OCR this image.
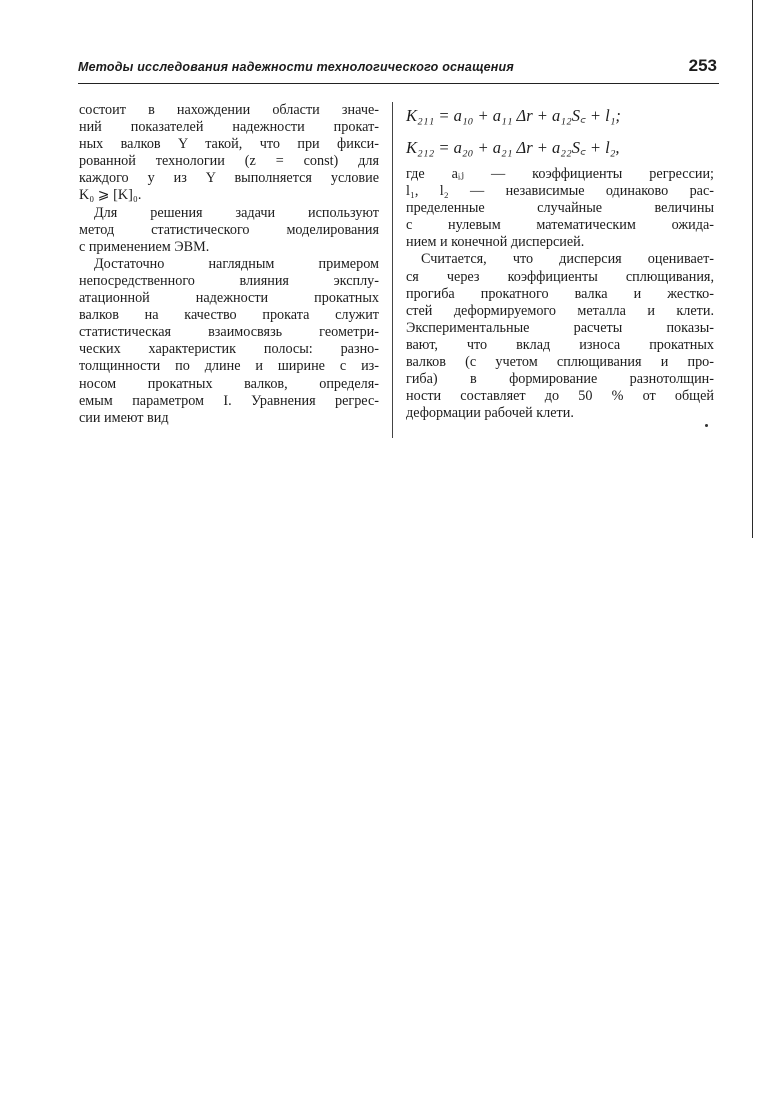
Методы исследования надежности технологического оснащения	253

состоит в нахождении области значе-

ний показателей надежности прокат-

ных валков Y такой, что при фикси-

рованной технологии (z = const) для

каждого y из Y выполняется условие

K₀ ⩾ [K]₀.

Для решения задачи используют

метод статистического моделирования

с применением ЭВМ.

Достаточно наглядным примером

непосредственного влияния эксплу-

атационной надежности прокатных

валков на качество проката служит

статистическая взаимосвязь геометри-

ческих характеристик полосы: разно-

толщинности по длине и ширине с из-

носом прокатных валков, определя-

емым параметром I. Уравнения регрес-

сии имеют вид

K₂₁₁ = a₁₀ + a₁₁ Δr + a₁₂S꜀ + l₁;
K₂₁₂ = a₂₀ + a₂₁ Δr + a₂₂S꜀ + l₂,

где aᵢⱼ — коэффициенты регрессии;

l₁, l₂ — независимые одинаково рас-

пределенные случайные величины

с нулевым математическим ожида-

нием и конечной дисперсией.

Считается, что дисперсия оценивает-

ся через коэффициенты сплющивания,

прогиба прокатного валка и жестко-

стей деформируемого металла и клети.

Экспериментальные расчеты показы-

вают, что вклад износа прокатных

валков (с учетом сплющивания и про-

гиба) в формирование разнотолщин-

ности составляет до 50 % от общей

деформации рабочей клети.
